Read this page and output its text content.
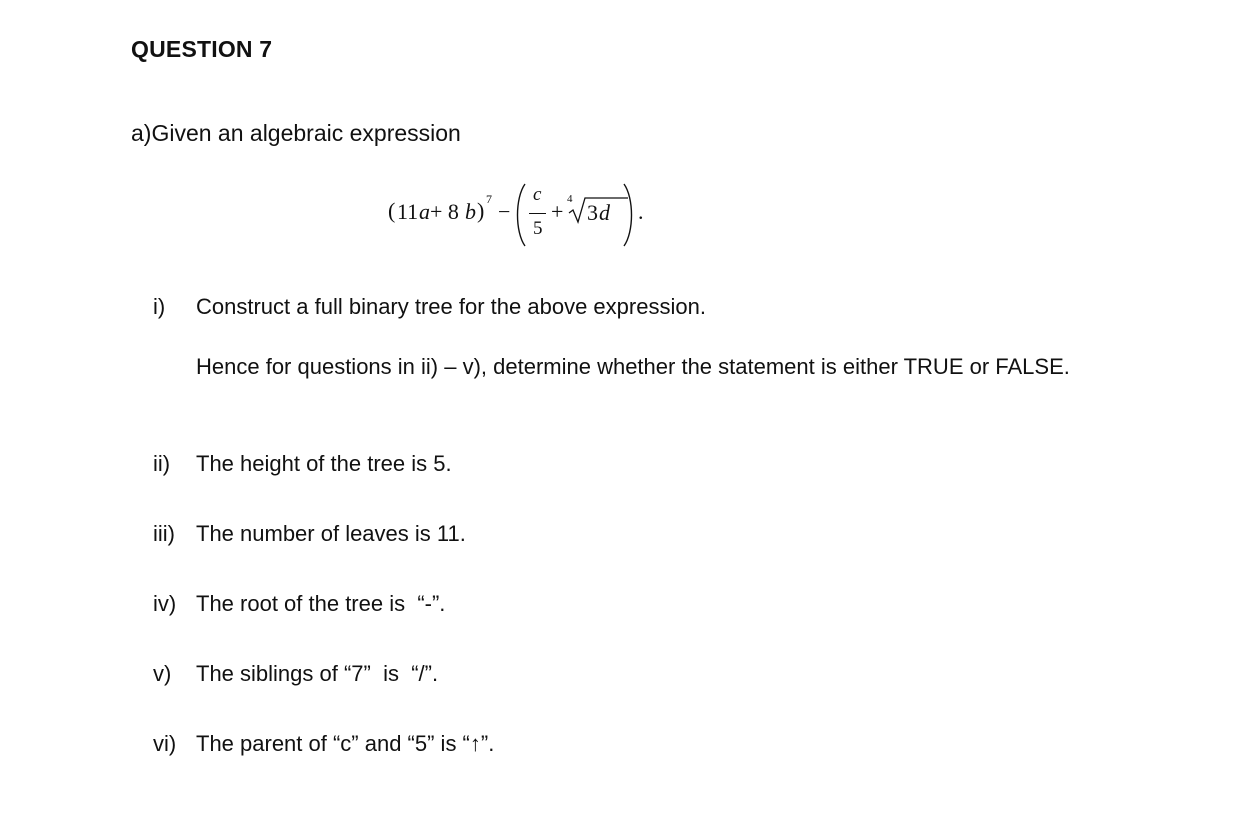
QUESTION 7
a)Given an algebraic expression
( 11 a + 8 b ) 7 −
c
5
+ 4
3 d .
i) Construct a full binary tree for the above expression.
Hence for questions in ii) – v), determine whether the statement is either TRUE or FALSE.
ii) The height of the tree is 5.
iii) The number of leaves is 11.
iv) The root of the tree is  “-”.
v) The siblings of “7”  is  “/”.
vi) The parent of “c” and “5” is “↑”.
